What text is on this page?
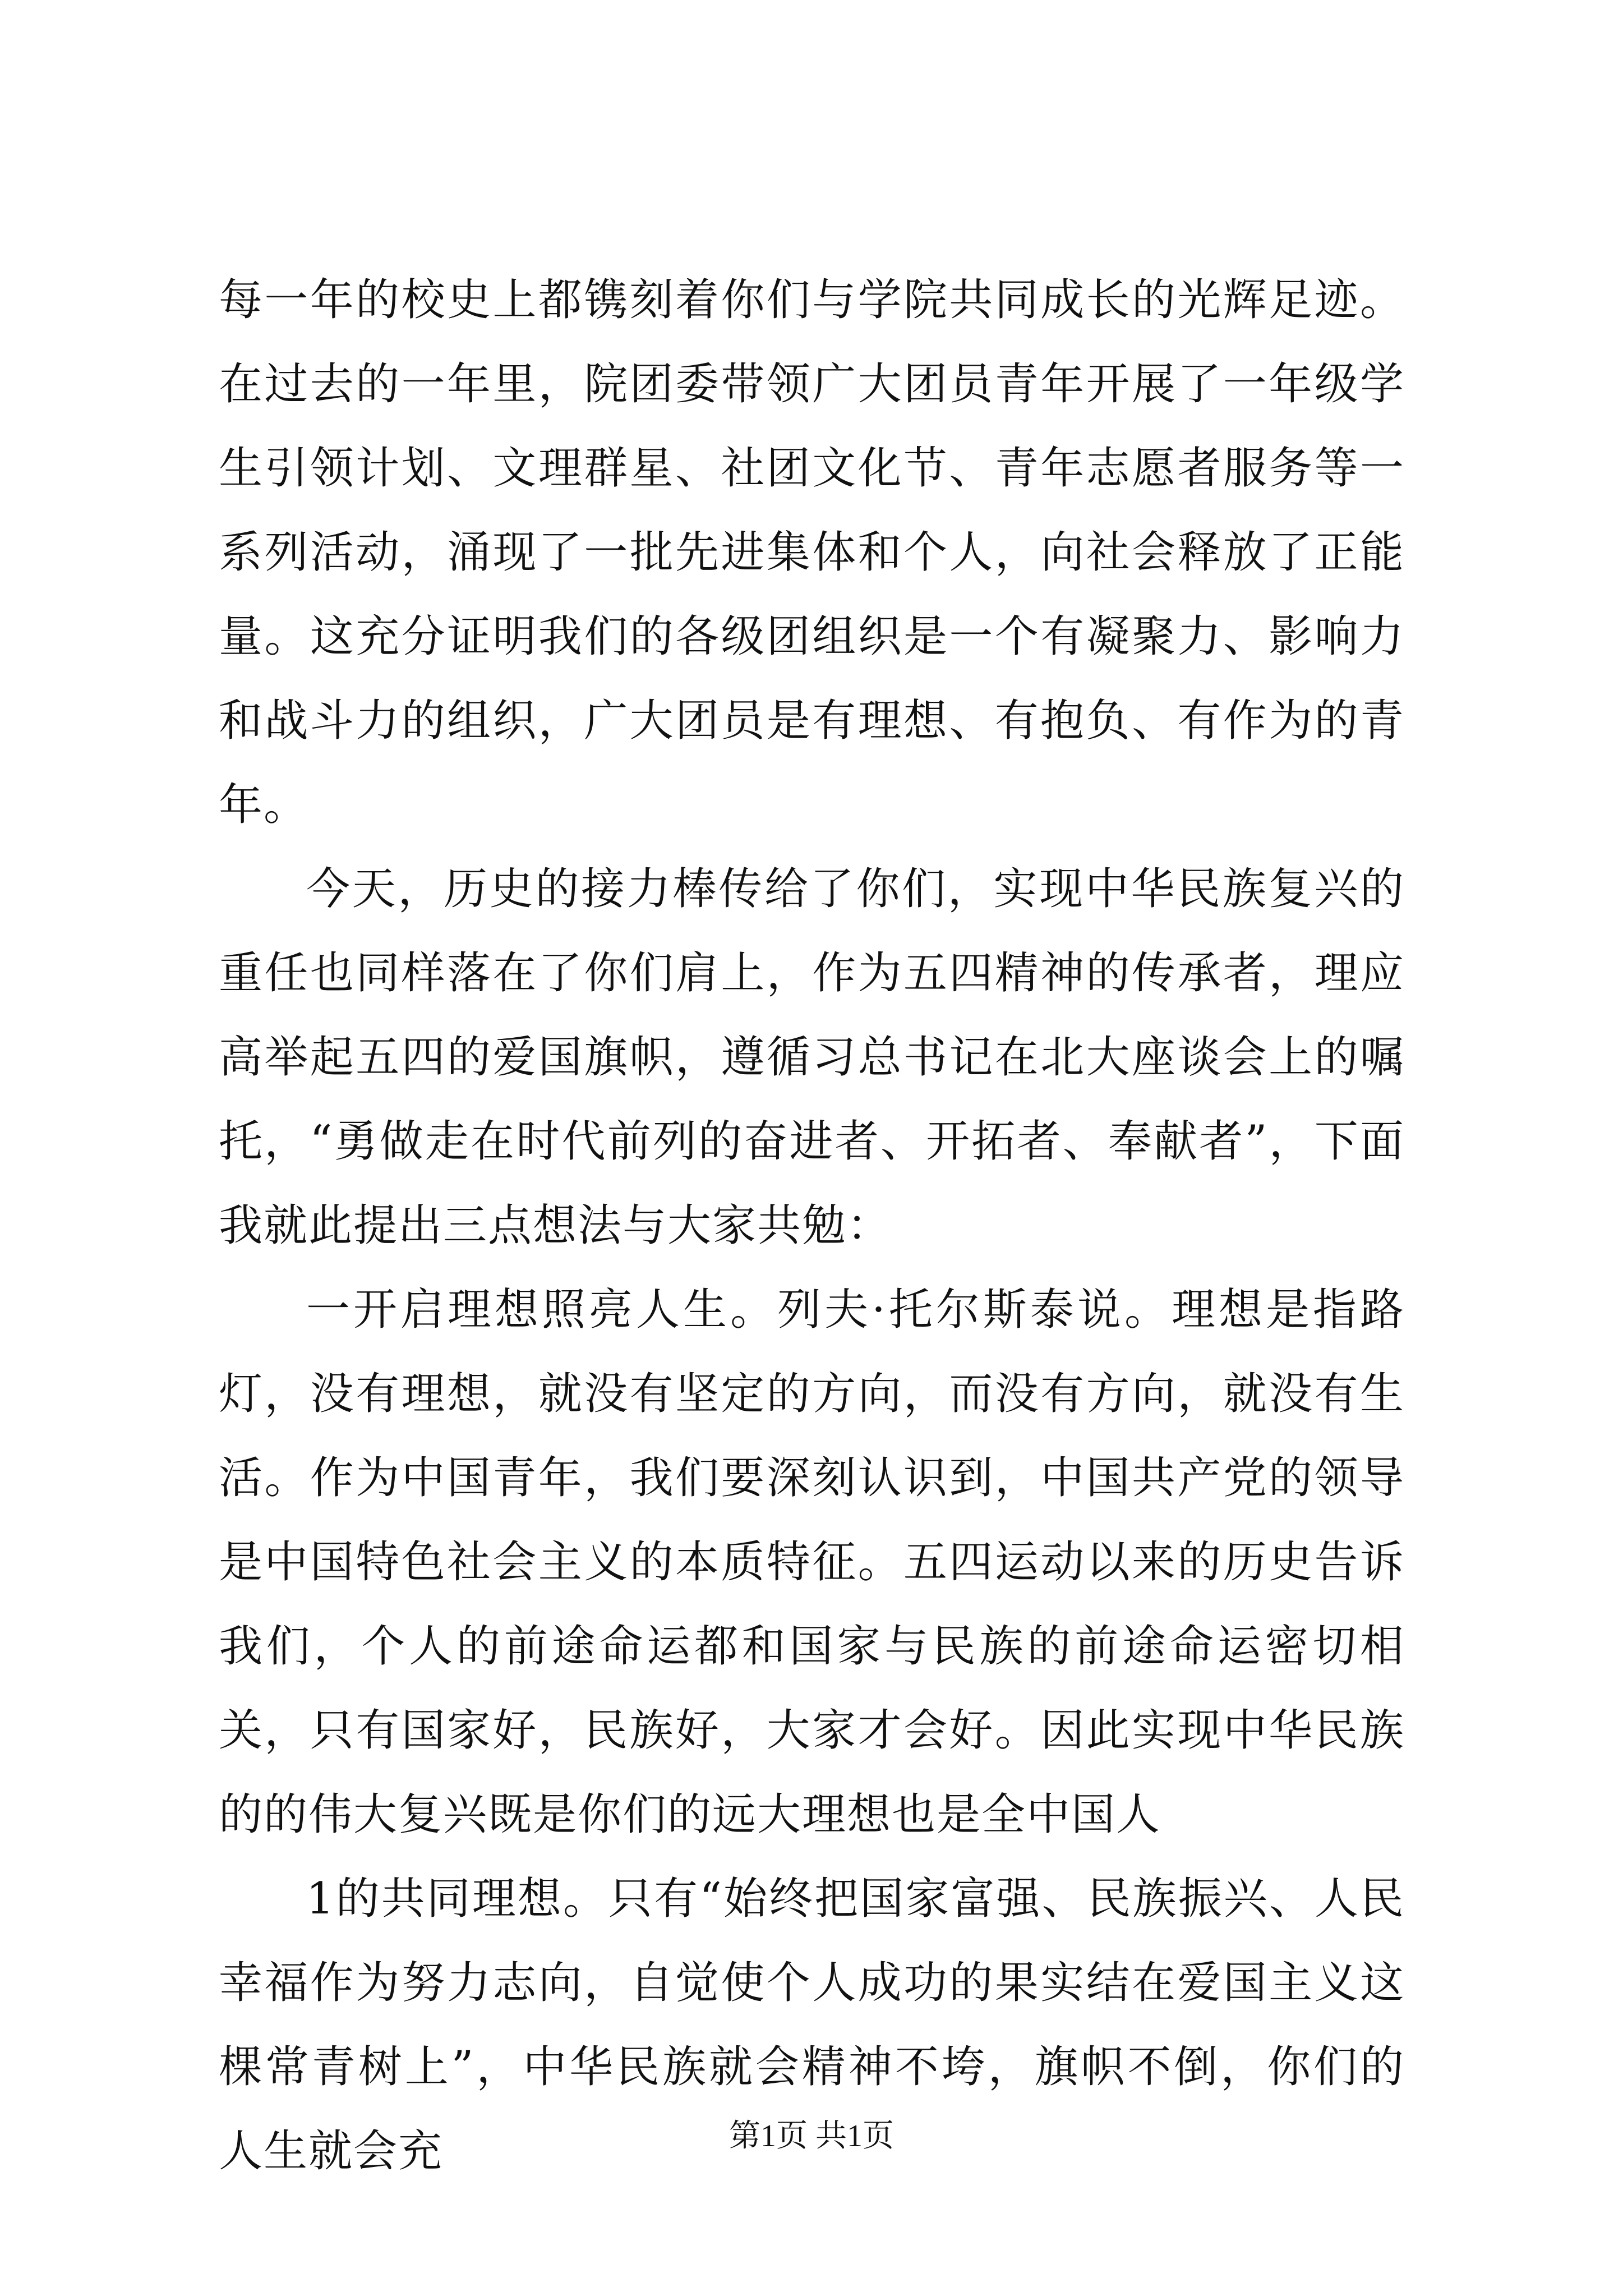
每一年的校史上都镌刻着你们与学院共同成长的光辉足迹。在过去的一年里，院团委带领广大团员青年开展了一年级学生引领计划、文理群星、社团文化节、青年志愿者服务等一系列活动，涌现了一批先进集体和个人，向社会释放了正能量。这充分证明我们的各级团组织是一个有凝聚力、影响力和战斗力的组织，广大团员是有理想、有抱负、有作为的青年。

今天，历史的接力棒传给了你们，实现中华民族复兴的重任也同样落在了你们肩上，作为五四精神的传承者，理应高举起五四的爱国旗帜，遵循习总书记在北大座谈会上的嘱托，“勇做走在时代前列的奋进者、开拓者、奉献者”，下面我就此提出三点想法与大家共勉：

一开启理想照亮人生。列夫·托尔斯泰说。理想是指路灯，没有理想，就没有坚定的方向，而没有方向，就没有生活。作为中国青年，我们要深刻认识到，中国共产党的领导是中国特色社会主义的本质特征。五四运动以来的历史告诉我们，个人的前途命运都和国家与民族的前途命运密切相关，只有国家好，民族好，大家才会好。因此实现中华民族的的伟大复兴既是你们的远大理想也是全中国人

1的共同理想。只有“始终把国家富强、民族振兴、人民幸福作为努力志向，自觉使个人成功的果实结在爱国主义这棵常青树上”，中华民族就会精神不垮，旗帜不倒，你们的人生就会充	第1页 共1页
